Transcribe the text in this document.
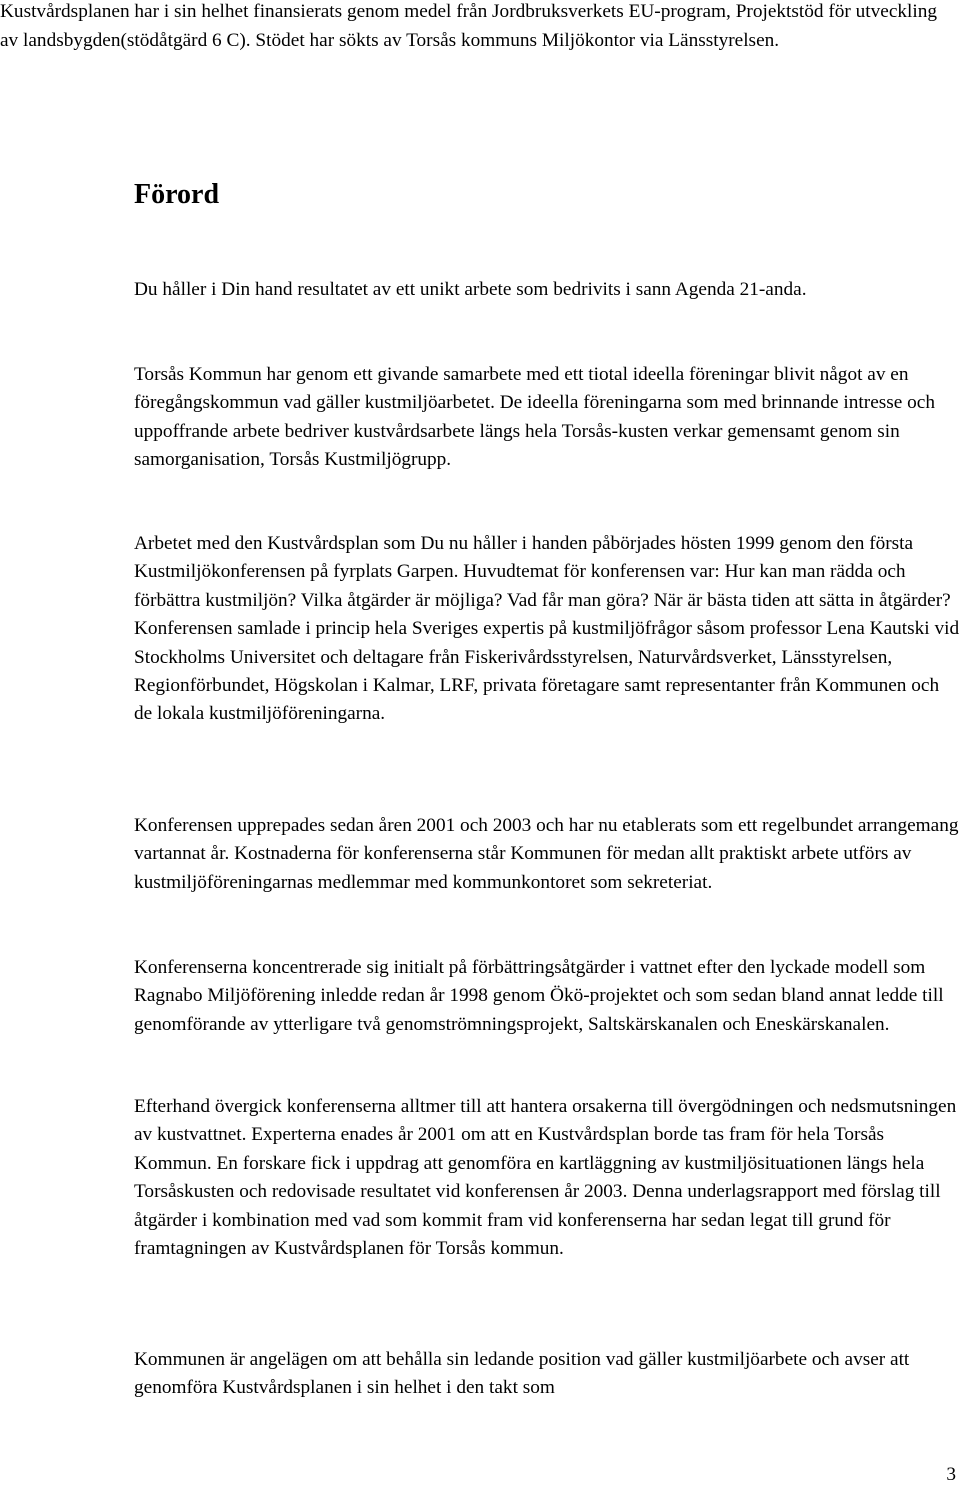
Kustvårdsplanen har i sin helhet finansierats genom medel från Jordbruksverkets EU-program, Projektstöd för utveckling av landsbygden(stödåtgärd 6 C). Stödet har sökts av Torsås kommuns Miljökontor via Länsstyrelsen.

Förord

Du håller i Din hand resultatet av ett unikt arbete som bedrivits i sann Agenda 21-anda.

Torsås Kommun har genom ett givande samarbete med ett tiotal ideella föreningar blivit något av en föregångskommun vad gäller kustmiljöarbetet. De ideella föreningarna som med brinnande intresse och uppoffrande arbete bedriver kustvårdsarbete längs hela Torsås-kusten verkar gemensamt genom sin samorganisation, Torsås Kustmiljögrupp.

Arbetet med den Kustvårdsplan som Du nu håller i handen påbörjades hösten 1999 genom den första Kustmiljökonferensen på fyrplats Garpen. Huvudtemat för konferensen var: Hur kan man rädda och förbättra kustmiljön? Vilka åtgärder är möjliga? Vad får man göra? När är bästa tiden att sätta in åtgärder? Konferensen samlade i princip hela Sveriges expertis på kustmiljöfrågor såsom professor Lena Kautski vid Stockholms Universitet och deltagare från Fiskerivårdsstyrelsen, Naturvårdsverket, Länsstyrelsen, Regionförbundet, Högskolan i Kalmar, LRF, privata företagare samt representanter från Kommunen och de lokala kustmiljöföreningarna.

Konferensen upprepades sedan åren 2001 och 2003 och har nu etablerats som ett regelbundet arrangemang vartannat år. Kostnaderna för konferenserna står Kommunen för medan allt praktiskt arbete utförs av kustmiljöföreningarnas medlemmar med kommunkontoret som sekreteriat.

Konferenserna koncentrerade sig initialt på förbättringsåtgärder i vattnet efter den lyckade modell som Ragnabo Miljöförening inledde redan år 1998 genom Ökö-projektet och som sedan bland annat ledde till genomförande av ytterligare två genomströmningsprojekt, Saltskärskanalen och Eneskärskanalen.

Efterhand övergick konferenserna alltmer till att hantera orsakerna till övergödningen och nedsmutsningen av kustvattnet. Experterna enades år 2001 om att en Kustvårdsplan borde tas fram för hela Torsås Kommun. En forskare fick i uppdrag att genomföra en kartläggning av kustmiljösituationen längs hela Torsåskusten och redovisade resultatet vid konferensen år 2003. Denna underlagsrapport med förslag till åtgärder i kombination med vad som kommit fram vid konferenserna har sedan legat till grund för framtagningen av Kustvårdsplanen för Torsås kommun.

Kommunen är angelägen om att behålla sin ledande position vad gäller kustmiljöarbete och avser att genomföra Kustvårdsplanen i sin helhet i den takt som

3
